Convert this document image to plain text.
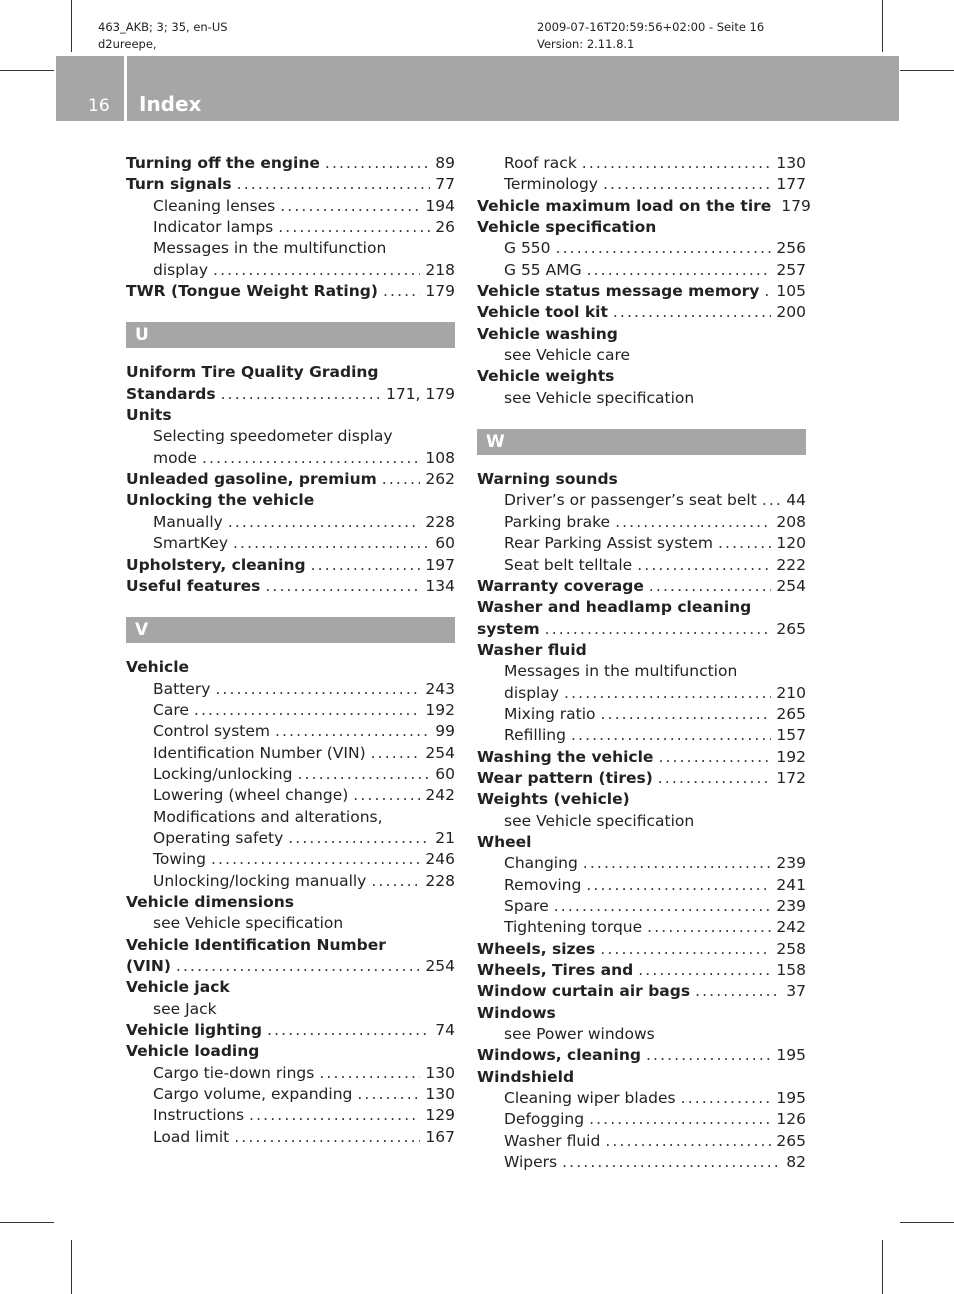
463_AKB; 3; 35, en-US
d2ureepe,
2009-07-16T20:59:56+02:00 - Seite 16
Version: 2.11.8.1
16 Index
Turning off the engine . . .	89
Turn signals . . .	77
Cleaning lenses . . .	194
Indicator lamps . . .	26
Messages in the multifunction
display . . .	218
TWR (Tongue Weight Rating) . . .	179
U
Uniform Tire Quality Grading
Standards . . .	171, 179
Units
Selecting speedometer display
mode . . .	108
Unleaded gasoline, premium . . .	262
Unlocking the vehicle
Manually . . .	228
SmartKey . . .	60
Upholstery, cleaning . . .	197
Useful features . . .	134
V
Vehicle
Battery . . .	243
Care . . .	192
Control system . . .	99
Identification Number (VIN) . . .	254
Locking/unlocking . . .	60
Lowering (wheel change) . . .	242
Modifications and alterations,
Operating safety . . .	21
Towing . . .	246
Unlocking/locking manually . . .	228
Vehicle dimensions
see Vehicle specification
Vehicle Identification Number
(VIN) . . .	254
Vehicle jack
see Jack
Vehicle lighting . . .	74
Vehicle loading
Cargo tie-down rings . . .	130
Cargo volume, expanding . . .	130
Instructions . . .	129
Load limit . . .	167
Roof rack . . .	130
Terminology . . .	177
Vehicle maximum load on the tire 179
Vehicle specification
G 550 . . .	256
G 55 AMG . . .	257
Vehicle status message memory . . . 105
Vehicle tool kit . . .	200
Vehicle washing
see Vehicle care
Vehicle weights
see Vehicle specification
W
Warning sounds
Driver’s or passenger’s seat belt . . . 44
Parking brake . . .	208
Rear Parking Assist system . . .	120
Seat belt telltale . . .	222
Warranty coverage . . .	254
Washer and headlamp cleaning
system . . .	265
Washer fluid
Messages in the multifunction
display . . .	210
Mixing ratio . . .	265
Refilling . . .	157
Washing the vehicle . . .	192
Wear pattern (tires) . . .	172
Weights (vehicle)
see Vehicle specification
Wheel
Changing . . .	239
Removing . . .	241
Spare . . .	239
Tightening torque . . .	242
Wheels, sizes . . .	258
Wheels, Tires and . . .	158
Window curtain air bags . . .	37
Windows
see Power windows
Windows, cleaning . . .	195
Windshield
Cleaning wiper blades . . .	195
Defogging . . .	126
Washer fluid . . .	265
Wipers . . .	82
